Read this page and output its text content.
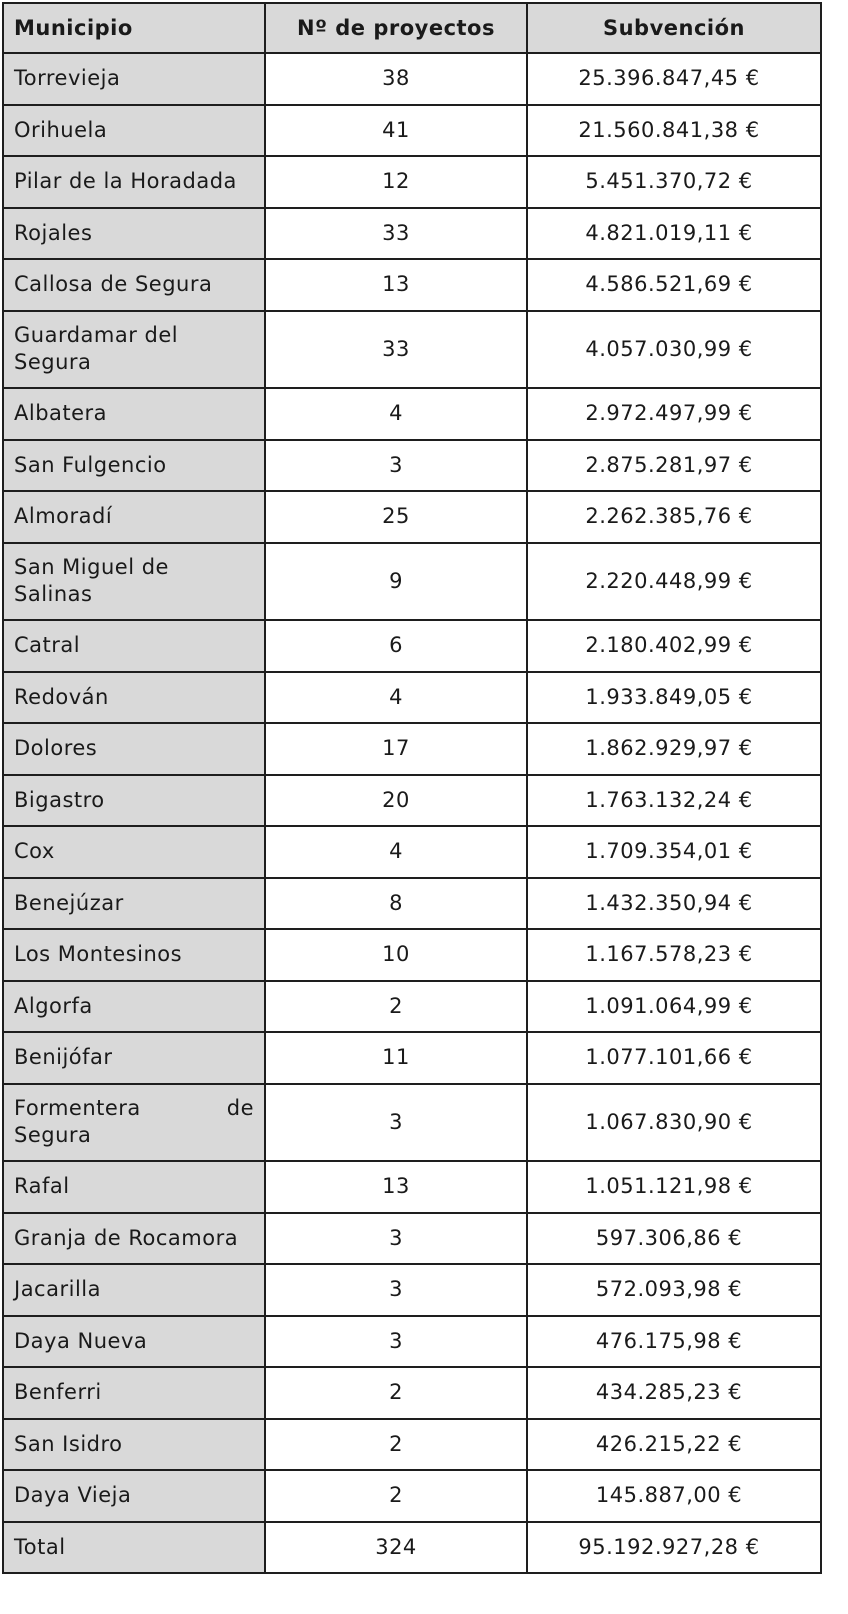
Municipio	Nº de proyectos	Subvención
Torrevieja	38	25.396.847,45 €
Orihuela	41	21.560.841,38 €
Pilar de la Horadada	12	5.451.370,72 €
Rojales	33	4.821.019,11 €
Callosa de Segura	13	4.586.521,69 €
Guardamar del Segura	33	4.057.030,99 €
Albatera	4	2.972.497,99 €
San Fulgencio	3	2.875.281,97 €
Almoradí	25	2.262.385,76 €
San Miguel de Salinas	9	2.220.448,99 €
Catral	6	2.180.402,99 €
Redován	4	1.933.849,05 €
Dolores	17	1.862.929,97 €
Bigastro	20	1.763.132,24 €
Cox	4	1.709.354,01 €
Benejúzar	8	1.432.350,94 €
Los Montesinos	10	1.167.578,23 €
Algorfa	2	1.091.064,99 €
Benijófar	11	1.077.101,66 €
Formentera de Segura	3	1.067.830,90 €
Rafal	13	1.051.121,98 €
Granja de Rocamora	3	597.306,86 €
Jacarilla	3	572.093,98 €
Daya Nueva	3	476.175,98 €
Benferri	2	434.285,23 €
San Isidro	2	426.215,22 €
Daya Vieja	2	145.887,00 €
Total	324	95.192.927,28 €
